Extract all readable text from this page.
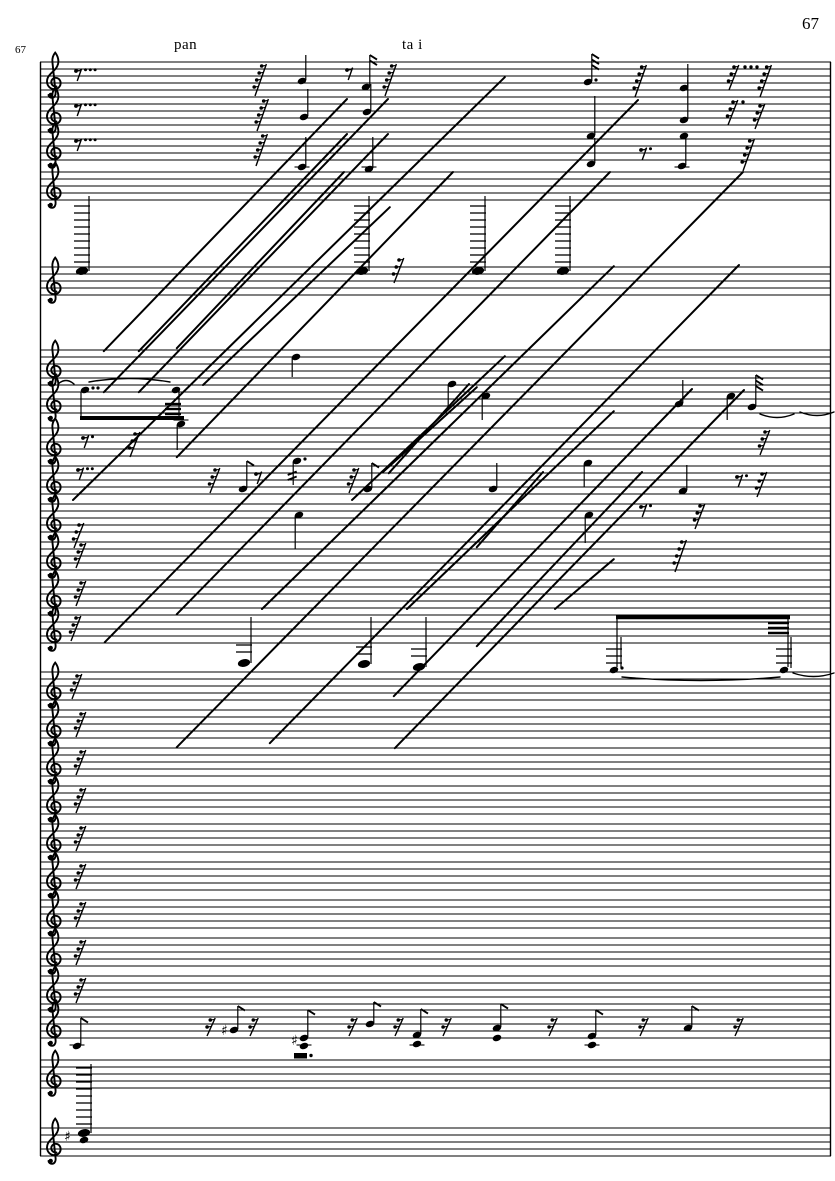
♯
♯
♯
67
67	pan	ta i
